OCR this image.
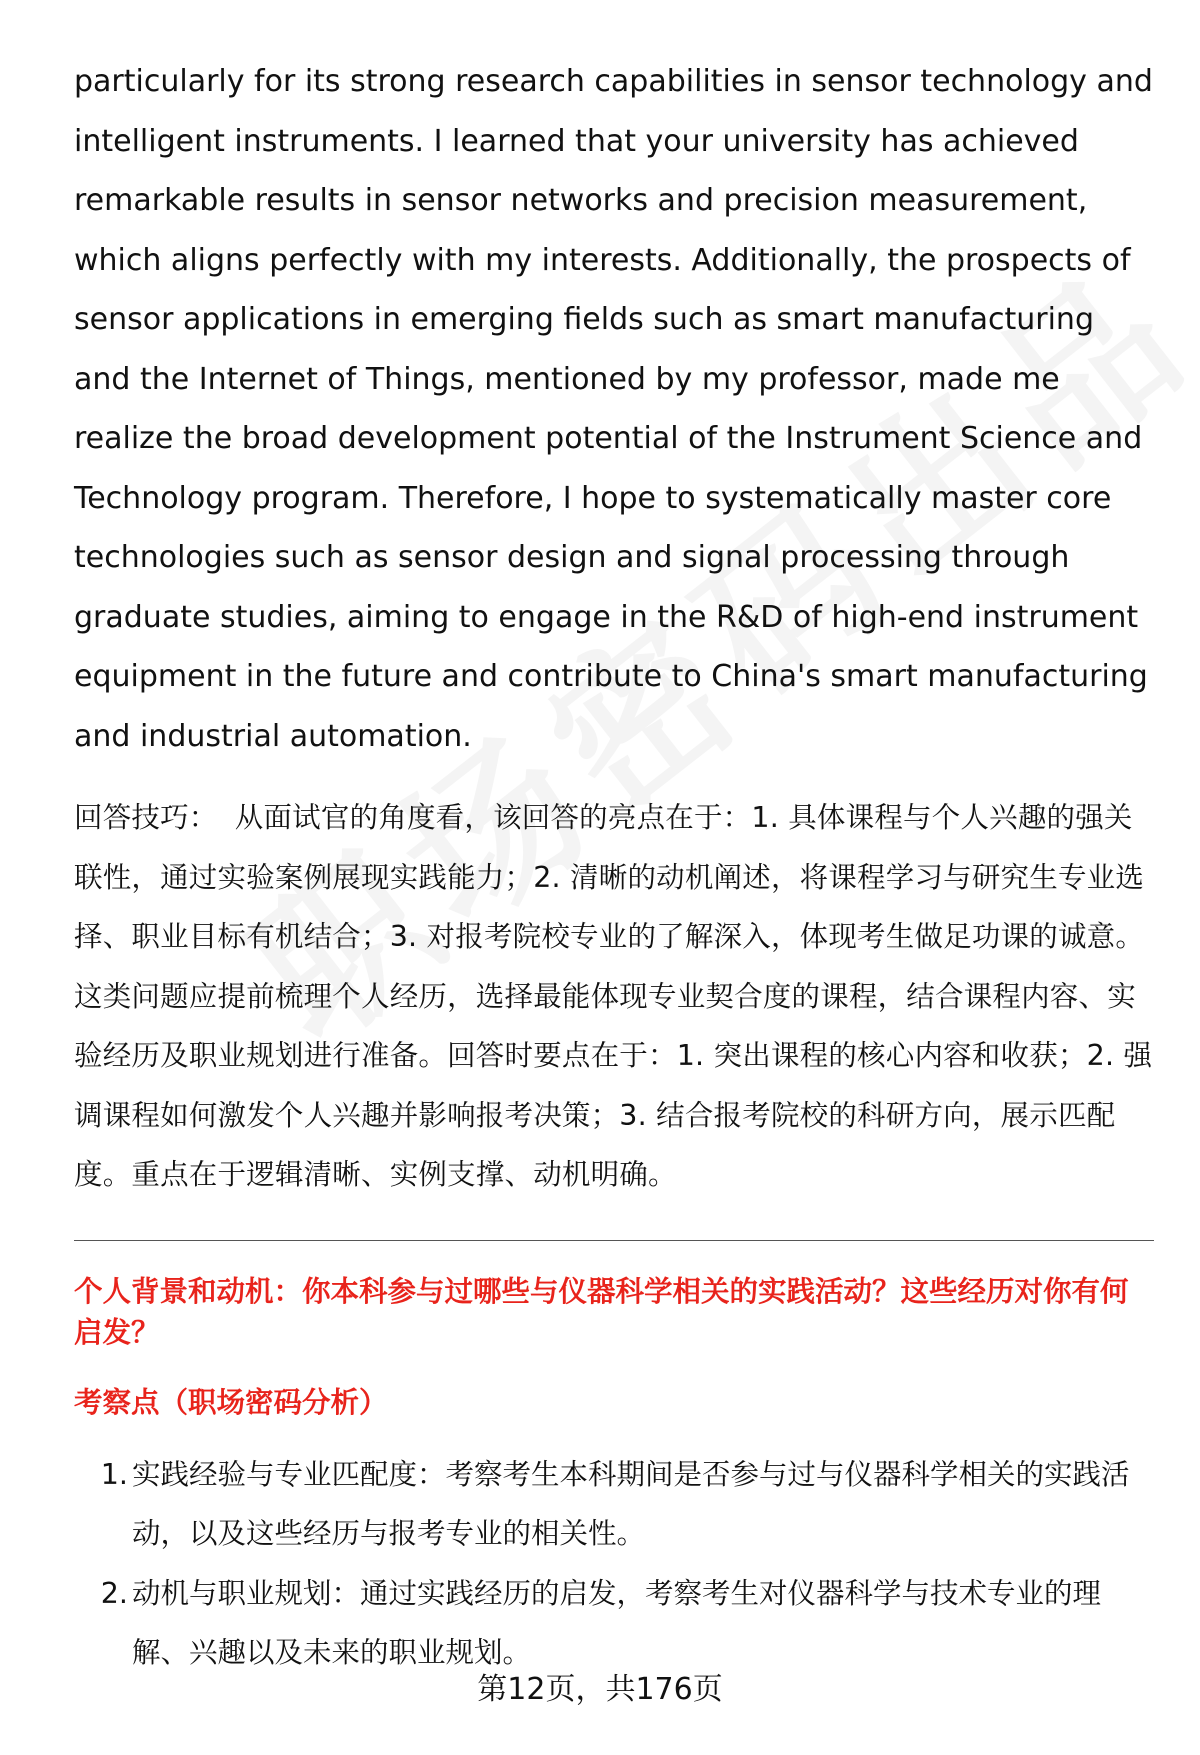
particularly for its strong research capabilities in sensor technology and intelligent instruments. I learned that your university has achieved remarkable results in sensor networks and precision measurement, which aligns perfectly with my interests. Additionally, the prospects of sensor applications in emerging fields such as smart manufacturing and the Internet of Things, mentioned by my professor, made me realize the broad development potential of the Instrument Science and Technology program. Therefore, I hope to systematically master core technologies such as sensor design and signal processing through graduate studies, aiming to engage in the R&D of high-end instrument equipment in the future and contribute to China's smart manufacturing and industrial automation.

回答技巧： 从面试官的角度看，该回答的亮点在于：1. 具体课程与个人兴趣的强关联性，通过实验案例展现实践能力；2. 清晰的动机阐述，将课程学习与研究生专业选择、职业目标有机结合；3. 对报考院校专业的了解深入，体现考生做足功课的诚意。这类问题应提前梳理个人经历，选择最能体现专业契合度的课程，结合课程内容、实验经历及职业规划进行准备。回答时要点在于：1. 突出课程的核心内容和收获；2. 强调课程如何激发个人兴趣并影响报考决策；3. 结合报考院校的科研方向，展示匹配度。重点在于逻辑清晰、实例支撑、动机明确。

个人背景和动机：你本科参与过哪些与仪器科学相关的实践活动？这些经历对你有何启发？
考察点（职场密码分析）
1. 实践经验与专业匹配度：考察考生本科期间是否参与过与仪器科学相关的实践活动，以及这些经历与报考专业的相关性。
2. 动机与职业规划：通过实践经历的启发，考察考生对仪器科学与技术专业的理解、兴趣以及未来的职业规划。
第12页，共176页
